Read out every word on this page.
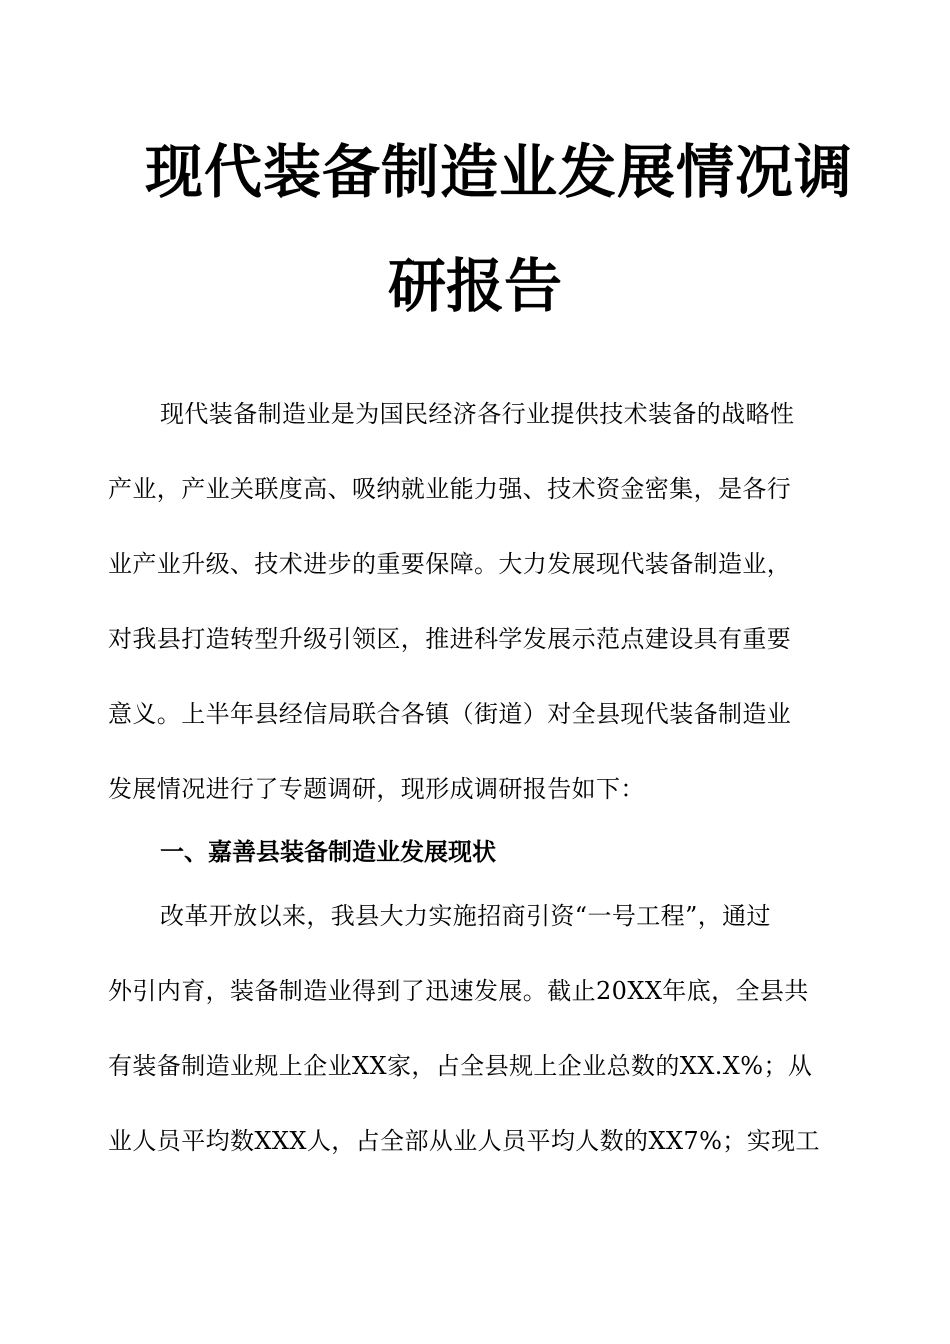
现代装备制造业发展情况调
研报告
现代装备制造业是为国民经济各行业提供技术装备的战略性
产业，产业关联度高、吸纳就业能力强、技术资金密集，是各行
业产业升级、技术进步的重要保障。大力发展现代装备制造业，
对我县打造转型升级引领区，推进科学发展示范点建设具有重要
意义。上半年县经信局联合各镇（街道）对全县现代装备制造业
发展情况进行了专题调研，现形成调研报告如下：
一、嘉善县装备制造业发展现状
改革开放以来，我县大力实施招商引资“一号工程”，通过
外引内育，装备制造业得到了迅速发展。截止20XX年底，全县共
有装备制造业规上企业XX家，占全县规上企业总数的XX.X%；从
业人员平均数XXX人，占全部从业人员平均人数的XX7%；实现工
